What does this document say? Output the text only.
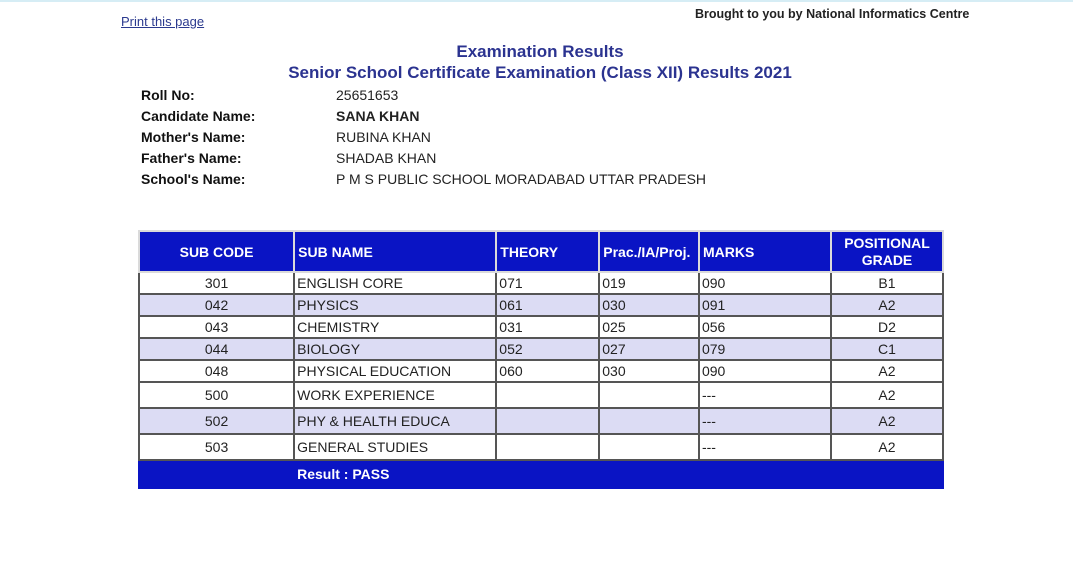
Print this page	Brought to you by National Informatics Centre
Examination Results
Senior School Certificate Examination (Class XII) Results 2021
Roll No:	25651653
Candidate Name:	SANA KHAN
Mother's Name:	RUBINA KHAN
Father's Name:	SHADAB KHAN
School's Name:	P M S PUBLIC SCHOOL MORADABAD UTTAR PRADESH
SUB CODE	SUB NAME	THEORY	Prac./IA/Proj.	MARKS	POSITIONAL
GRADE
301	ENGLISH CORE	071	019	090	B1
042	PHYSICS	061	030	091	A2
043	CHEMISTRY	031	025	056	D2
044	BIOLOGY	052	027	079	C1
048	PHYSICAL EDUCATION	060	030	090	A2
500	WORK EXPERIENCE			---	A2
502	PHY & HEALTH EDUCA			---	A2
503	GENERAL STUDIES			---	A2
	Result : PASS				
